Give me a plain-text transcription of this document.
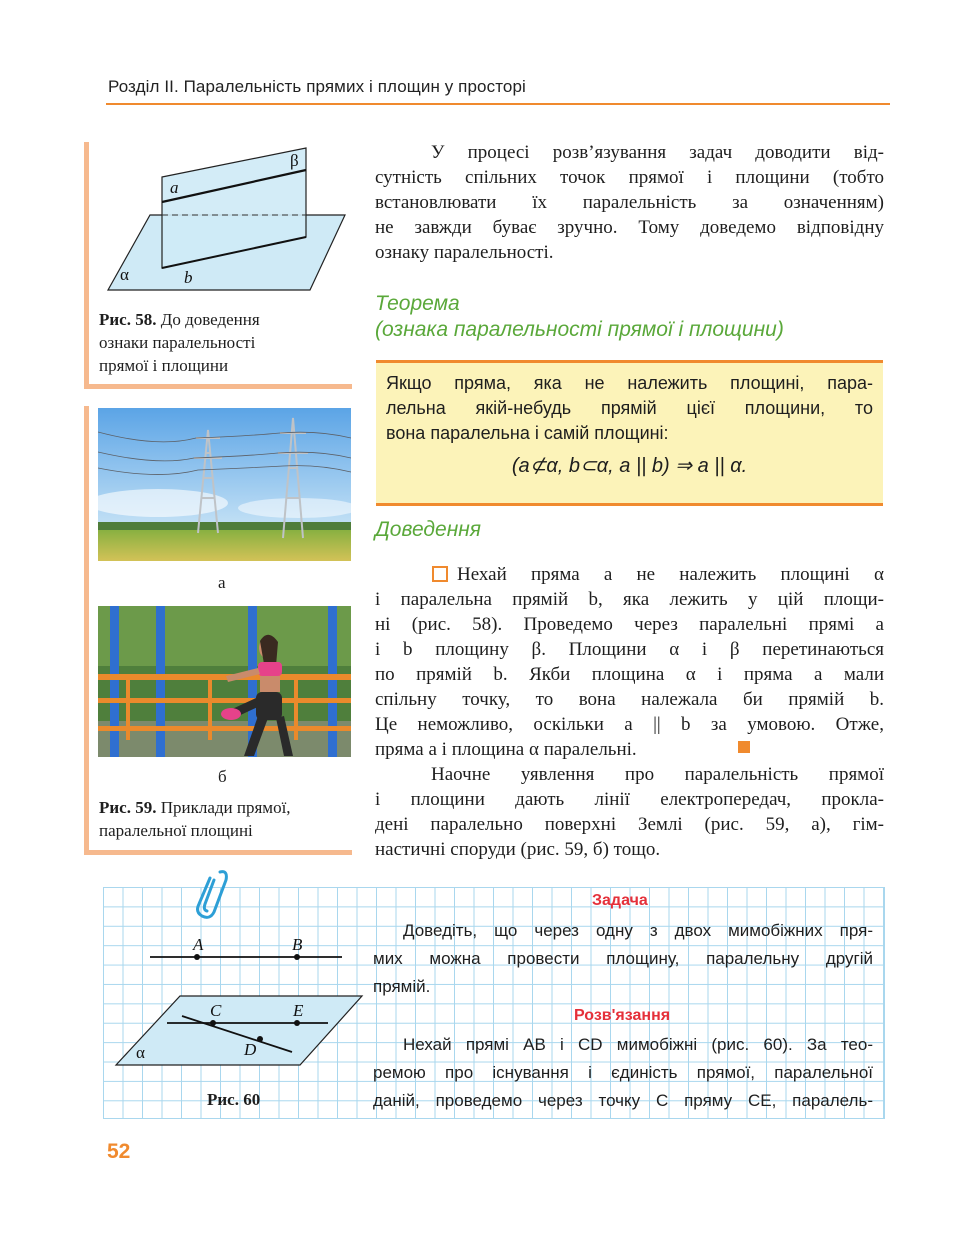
Розділ II. Паралельність прямих і площин у просторі
β
a
α	b
Рис. 58. До доведення
ознаки паралельності
прямої і площини
а
б
Рис. 59. Приклади прямої,
паралельної площині
У процесі розв’язування задач доводити від-
сутність спільних точок прямої і площини (тобто
встановлювати їх паралельність за означенням)
не завжди буває зручно. Тому доведемо відповідну
ознаку паралельності.
Теорема
(ознака паралельності прямої і площини)
Якщо пряма, яка не належить площині, пара-
лельна якій-небудь прямій цієї площини, то
вона паралельна і самій площині:
(a⊄α, b⊂α, a || b) ⇒ a || α.
Доведення
Нехай пряма a не належить площині α
і паралельна прямій b, яка лежить у цій площи-
ні (рис. 58). Проведемо через паралельні прямі a
і b площину β. Площини α і β перетинаються
по прямій b. Якби площина α і пряма a мали
спільну точку, то вона належала би прямій b.
Це неможливо, оскільки a || b за умовою. Отже,
пряма a і площина α паралельні.
Наочне уявлення про паралельність прямої
і площини дають лінії електропередач, прокла-
дені паралельно поверхні Землі (рис. 59, а), гім-
настичні споруди (рис. 59, б) тощо.
A	B
C	E
D
α
Рис. 60
Задача
Доведіть, що через одну з двох мимобіжних пря-
мих можна провести площину, паралельну другій
прямій.
Розв'язання
Нехай прямі AB і CD мимобіжні (рис. 60). За тео-
ремою про існування і єдиність прямої, паралельної
даній, проведемо через точку C пряму CE, паралель-
52
